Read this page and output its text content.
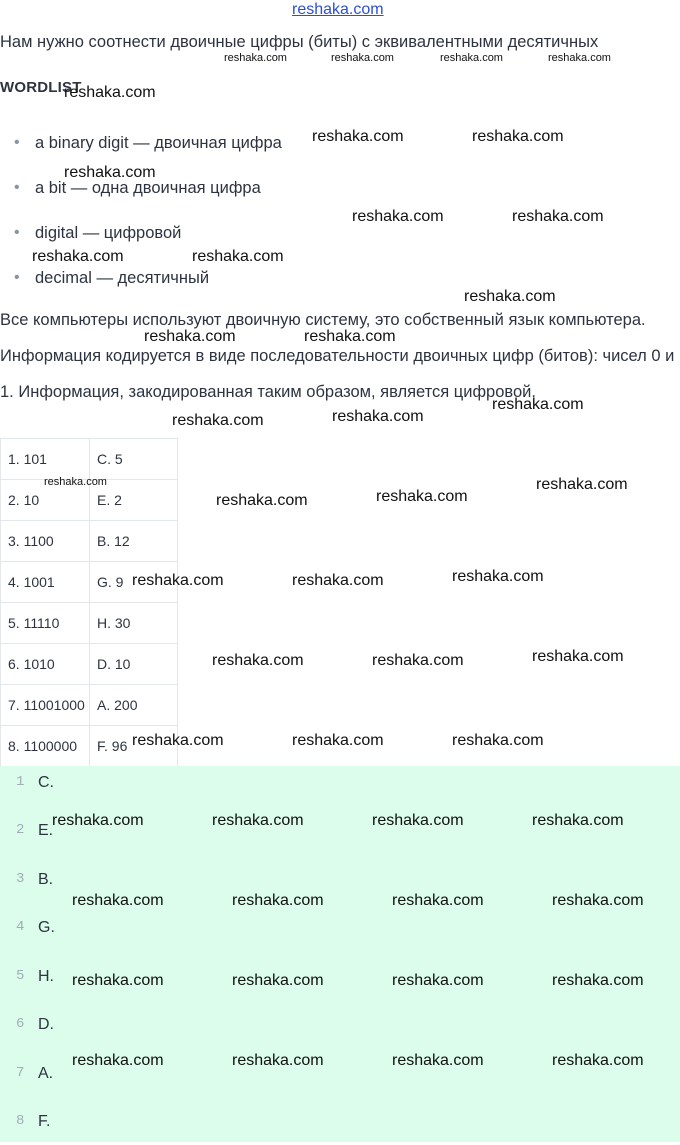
reshaka.com
Нам нужно соотнести двоичные цифры (биты) с эквивалентными десятичных
WORDLIST
• a binary digit — двоичная цифра
• a bit — одна двоичная цифра
• digital — цифровой
• decimal — десятичный
Все компьютеры используют двоичную систему, это собственный язык компьютера. Информация кодируется в виде последовательности двоичных цифр (битов): чисел 0 и 1. Информация, закодированная таким образом, является цифровой.
1. 101	C. 5
2. 10	E. 2
3. 1100	B. 12
4. 1001	G. 9
5. 11110	H. 30
6. 1010	D. 10
7. 11001000	A. 200
8. 1100000	F. 96
1 C.
2 E.
3 B.
4 G.
5 H.
6 D.
7 A.
8 F.
reshaka.com	reshaka.com	reshaka.com	reshaka.com
reshaka.com
reshaka.com	reshaka.com
reshaka.com
reshaka.com	reshaka.com
reshaka.com	reshaka.com
reshaka.com
reshaka.com	reshaka.com
reshaka.com
reshaka.com	reshaka.com
reshaka.com	reshaka.com
reshaka.com	reshaka.com
reshaka.com	reshaka.com	reshaka.com
reshaka.com	reshaka.com	reshaka.com
reshaka.com	reshaka.com	reshaka.com
reshaka.com	reshaka.com	reshaka.com	reshaka.com
reshaka.com	reshaka.com	reshaka.com	reshaka.com
reshaka.com	reshaka.com	reshaka.com	reshaka.com
reshaka.com	reshaka.com	reshaka.com	reshaka.com
